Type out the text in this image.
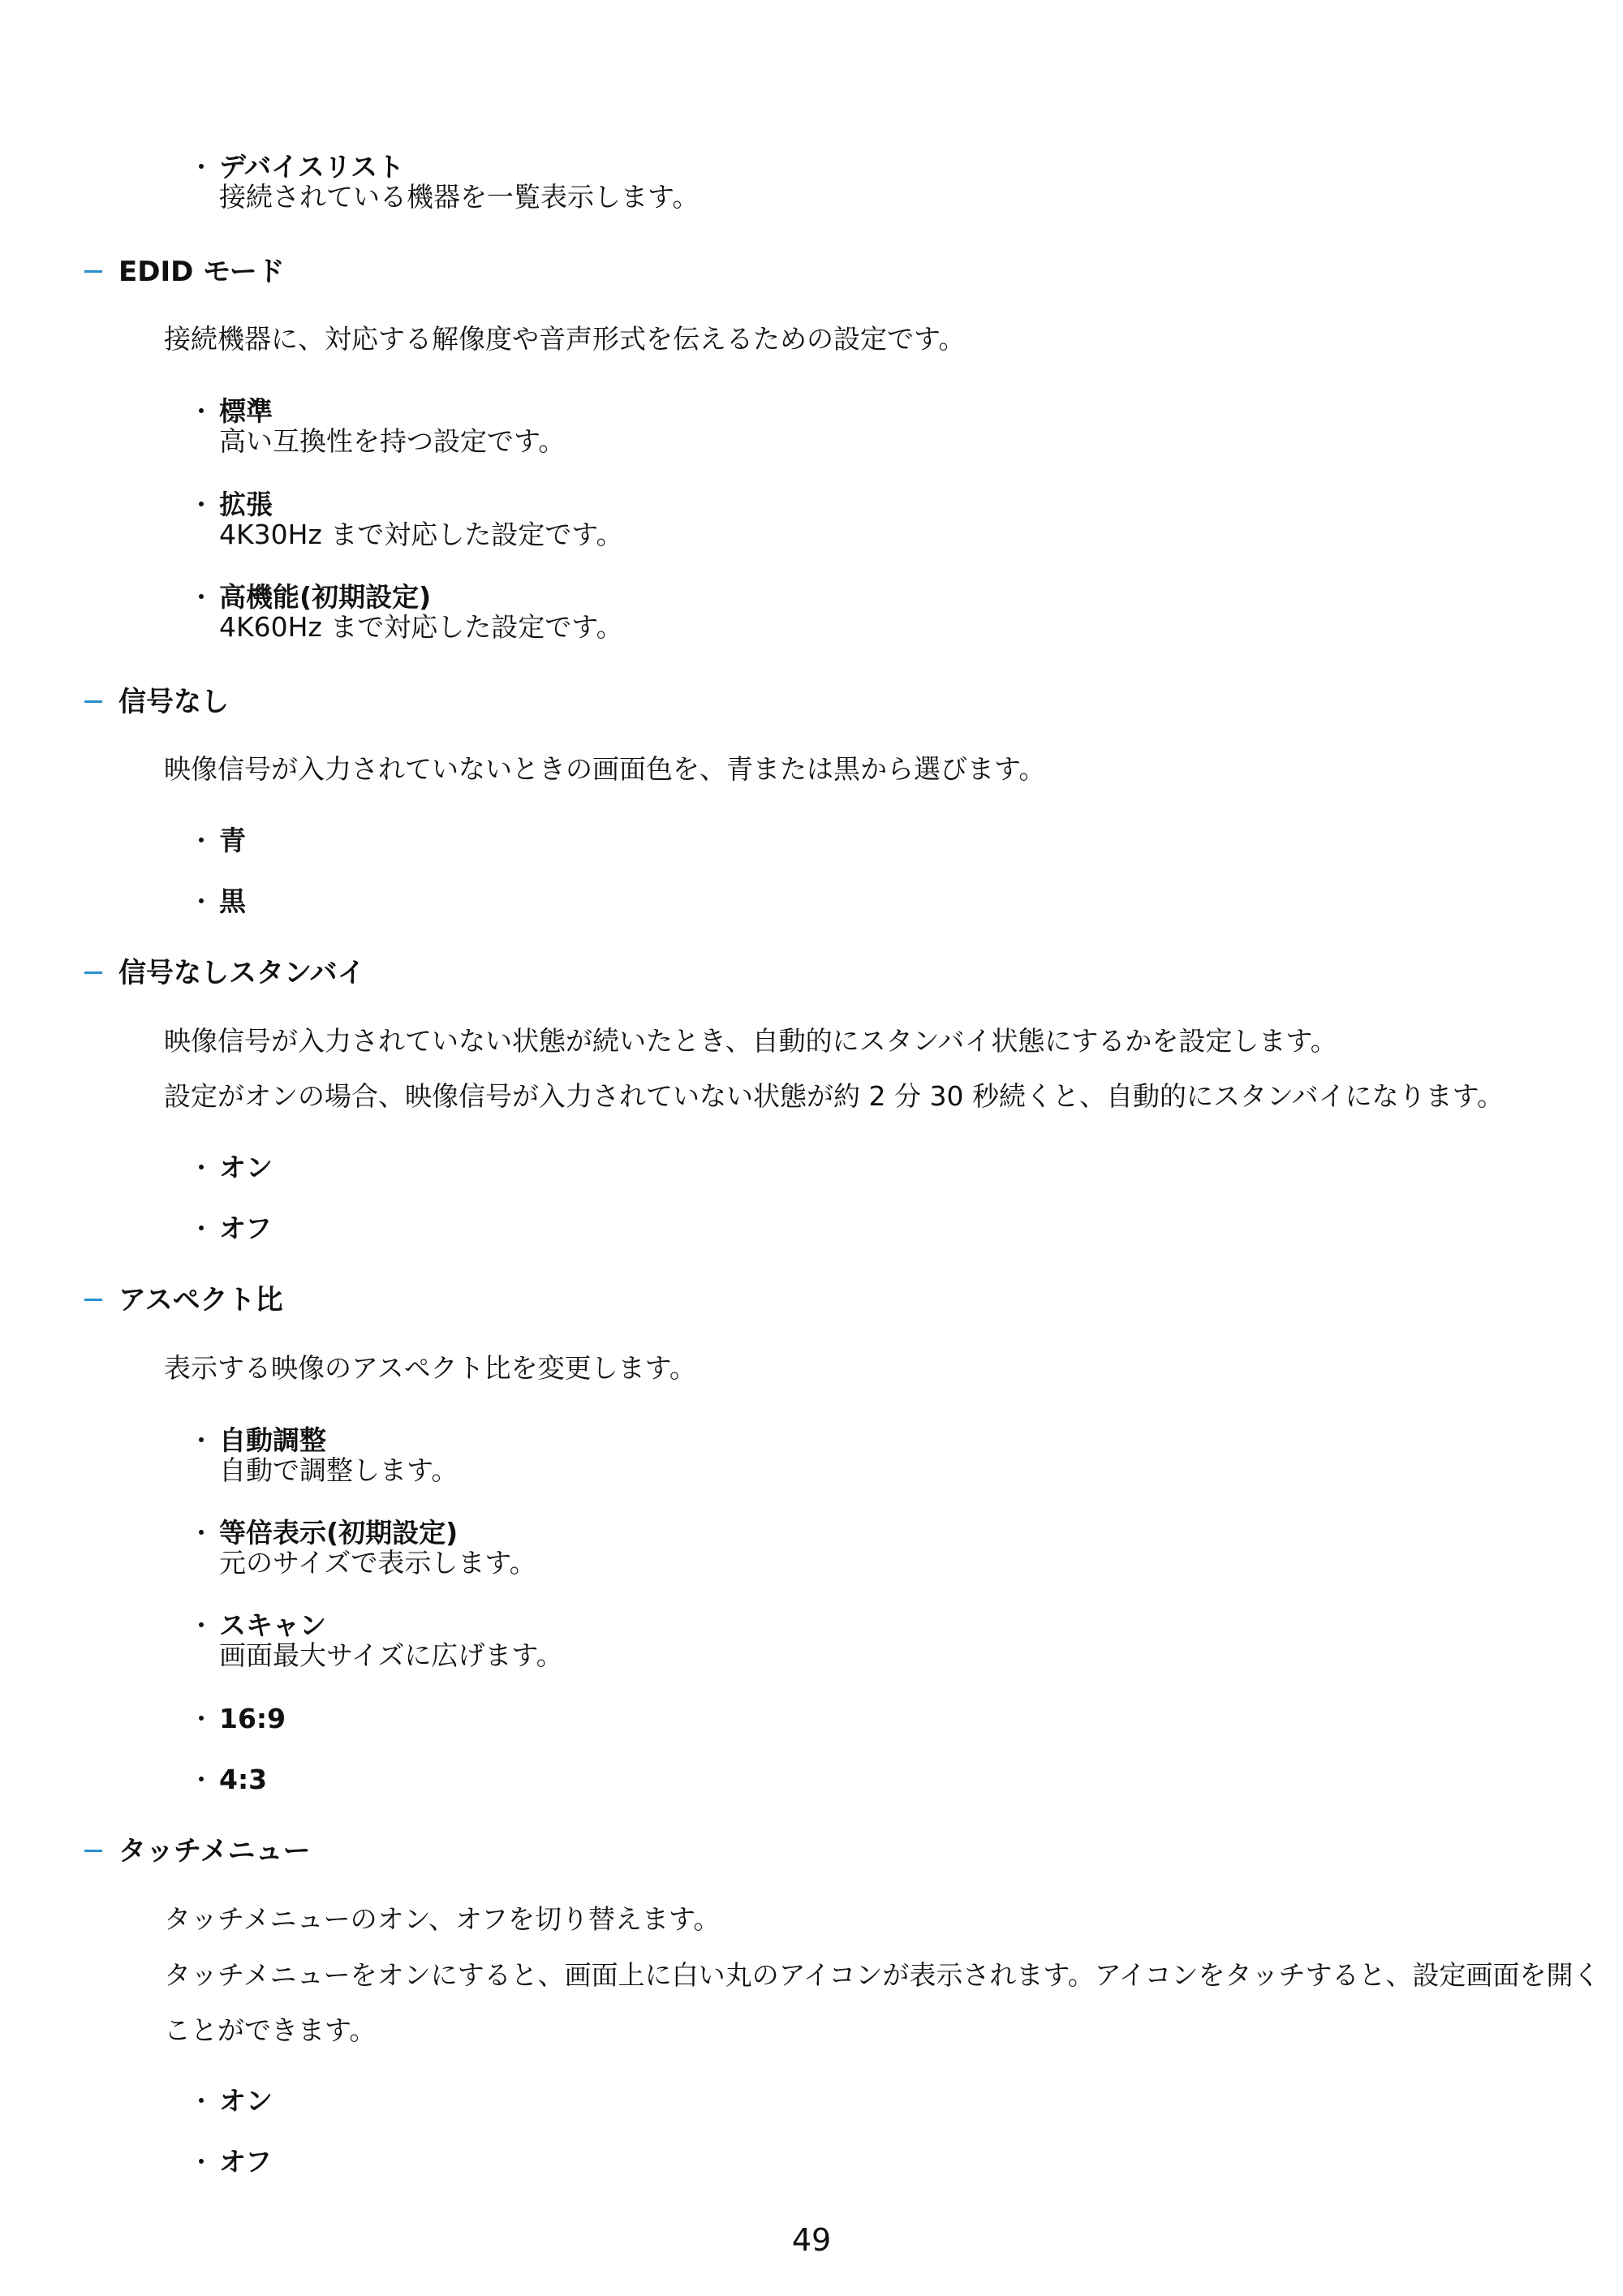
・ デバイスリスト
接続されている機器を一覧表示します。
EDID モード
接続機器に、対応する解像度や音声形式を伝えるための設定です。
・ 標準
高い互換性を持つ設定です。
・ 拡張
4K30Hz まで対応した設定です。
・ 高機能(初期設定)
4K60Hz まで対応した設定です。
信号なし
映像信号が入力されていないときの画面色を、青または黒から選びます。
・ 青
・ 黒
信号なしスタンバイ
映像信号が入力されていない状態が続いたとき、自動的にスタンバイ状態にするかを設定します。
設定がオンの場合、映像信号が入力されていない状態が約 2 分 30 秒続くと、自動的にスタンバイになります。
・ オン
・ オフ
アスペクト比
表示する映像のアスペクト比を変更します。
・ 自動調整
自動で調整します。
・ 等倍表示(初期設定)
元のサイズで表示します。
・ スキャン
画面最大サイズに広げます。
・ 16:9
・ 4:3
タッチメニュー
タッチメニューのオン、オフを切り替えます。
タッチメニューをオンにすると、画面上に白い丸のアイコンが表示されます。アイコンをタッチすると、設定画面を開く
ことができます。
・ オン
・ オフ
49
